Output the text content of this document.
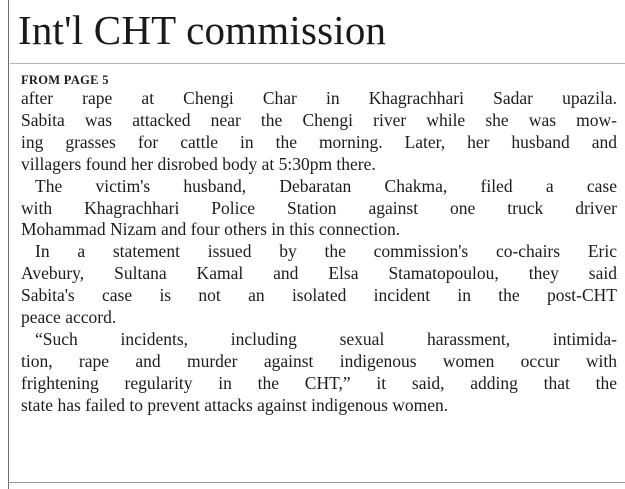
Int'l CHT commission
FROM PAGE 5

after rape at Chengi Char in Khagrachhari Sadar upazila.
Sabita was attacked near the Chengi river while she was mow-
ing grasses for cattle in the morning. Later, her husband and
villagers found her disrobed body at 5:30pm there.

The victim's husband, Debaratan Chakma, filed a case
with Khagrachhari Police Station against one truck driver
Mohammad Nizam and four others in this connection.

In a statement issued by the commission's co-chairs Eric
Avebury, Sultana Kamal and Elsa Stamatopoulou, they said
Sabita's case is not an isolated incident in the post-CHT
peace accord.

“Such incidents, including sexual harassment, intimida-
tion, rape and murder against indigenous women occur with
frightening regularity in the CHT,” it said, adding that the
state has failed to prevent attacks against indigenous women.
